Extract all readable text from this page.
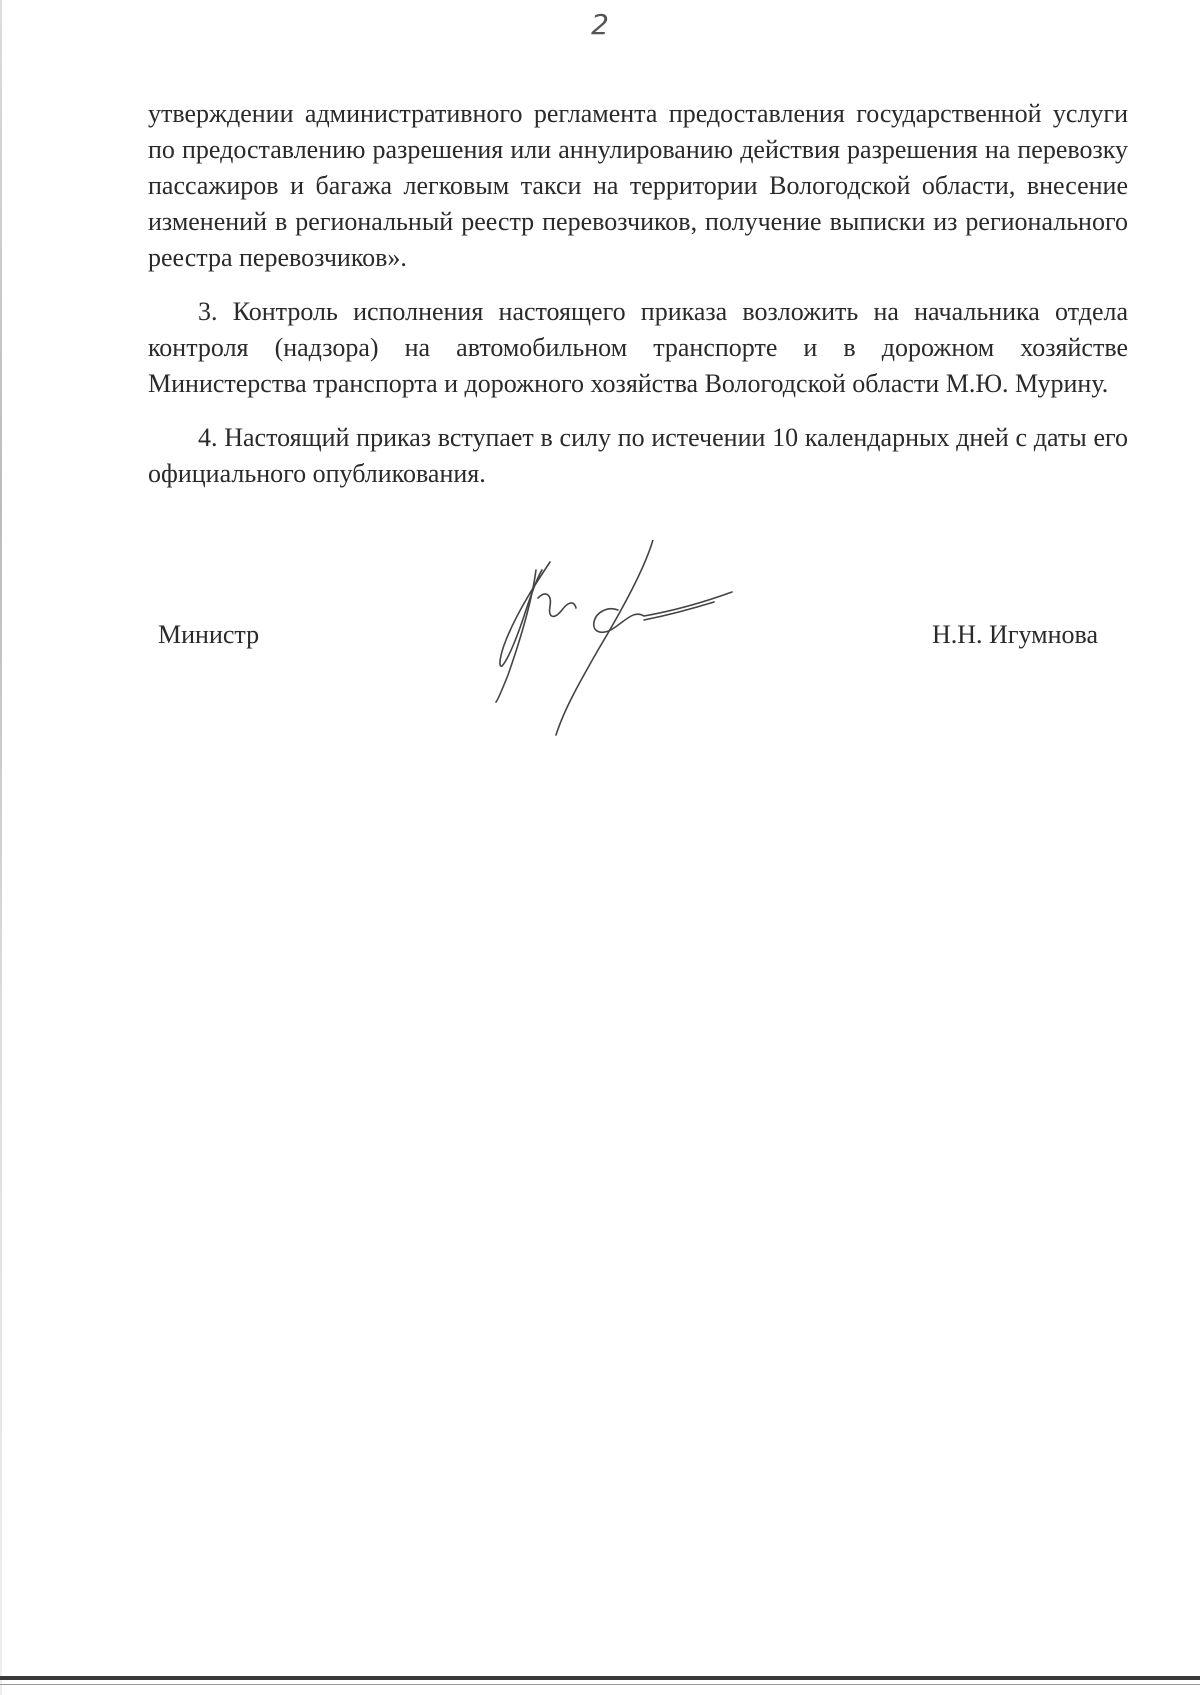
2

утверждении административного регламента предоставления государственной услуги по предоставлению разрешения или аннулированию действия разрешения на перевозку пассажиров и багажа легковым такси на территории Вологодской области, внесение изменений в региональный реестр перевозчиков, получение выписки из регионального реестра перевозчиков».

3. Контроль исполнения настоящего приказа возложить на начальника отдела контроля (надзора) на автомобильном транспорте и в дорожном хозяйстве Министерства транспорта и дорожного хозяйства Вологодской области М.Ю. Мурину.

4. Настоящий приказ вступает в силу по истечении 10 календарных дней с даты его официального опубликования.

Министр	Н.Н. Игумнова
